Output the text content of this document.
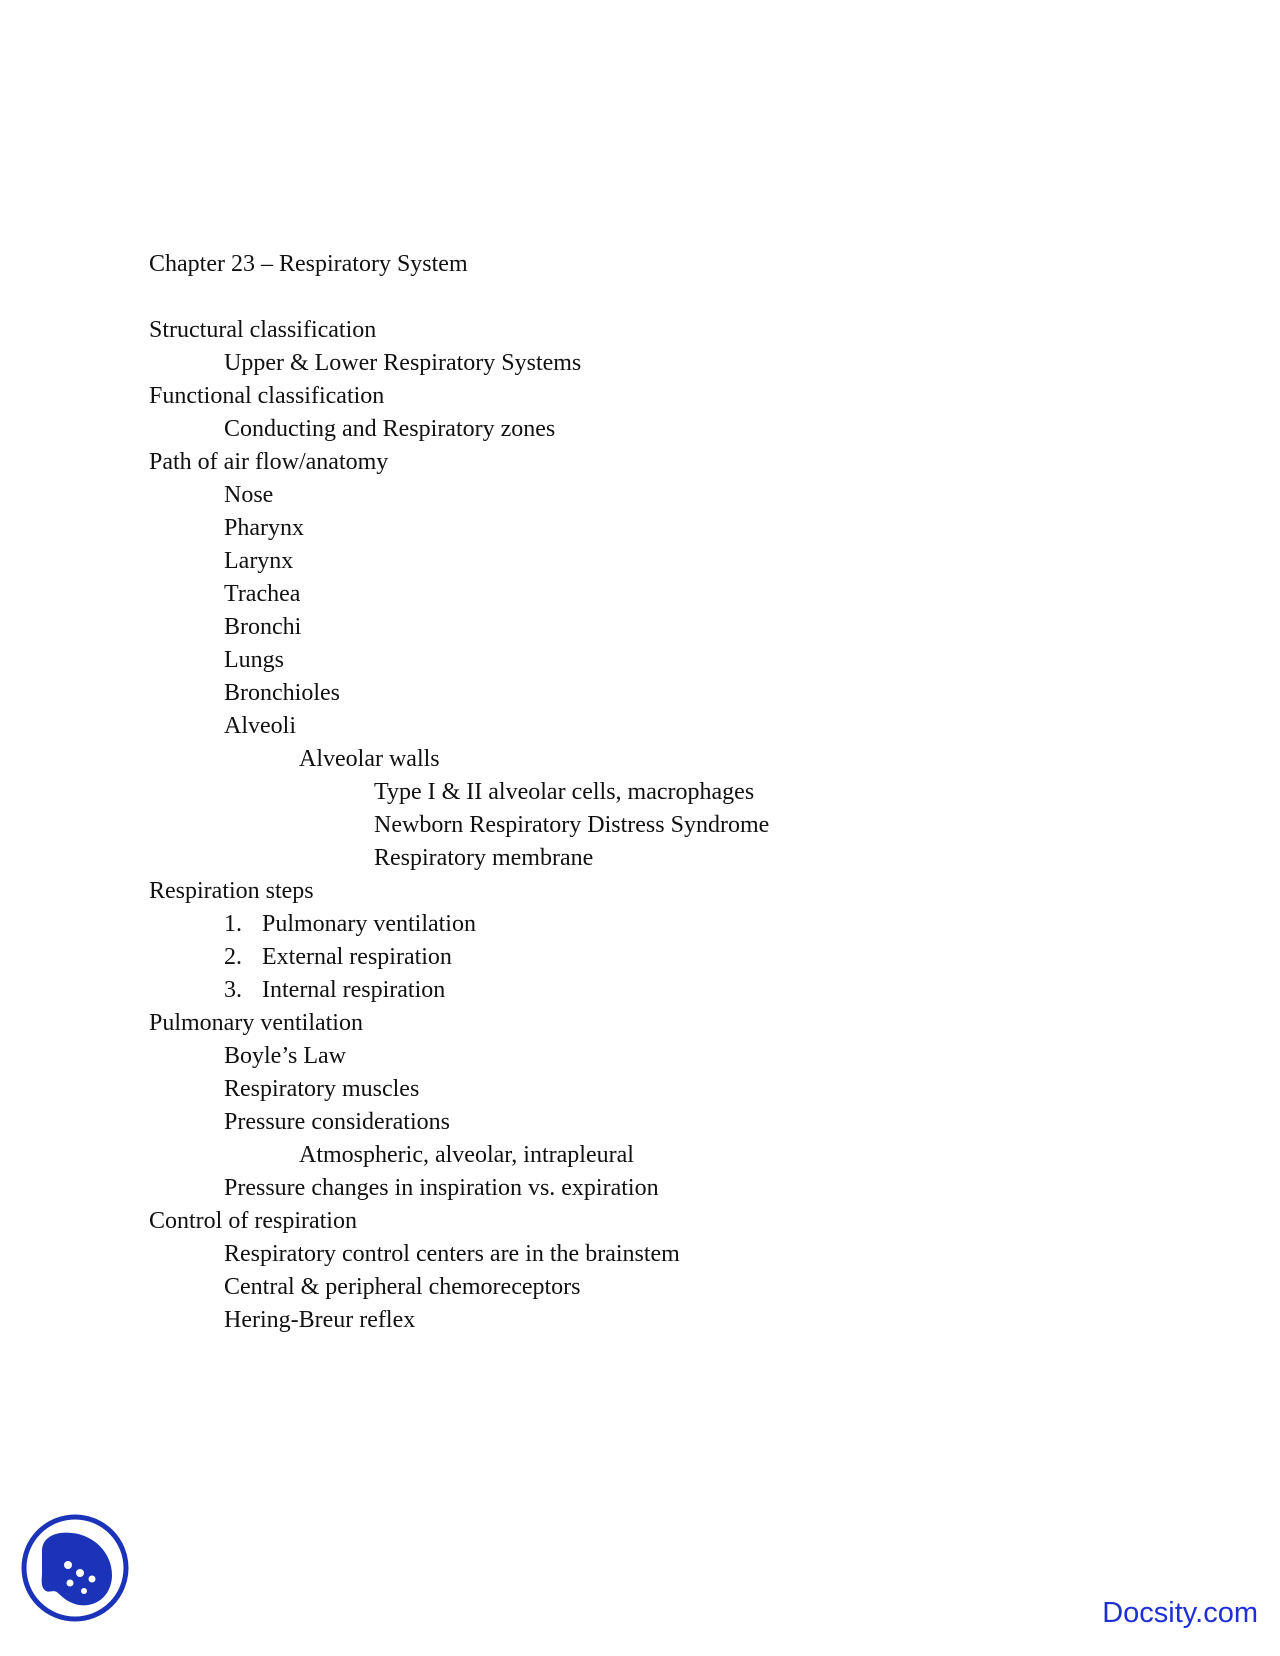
Chapter 23 – Respiratory System
Structural classification
Upper & Lower Respiratory Systems
Functional classification
Conducting and Respiratory zones
Path of air flow/anatomy
Nose
Pharynx
Larynx
Trachea
Bronchi
Lungs
Bronchioles
Alveoli
Alveolar walls
Type I & II alveolar cells, macrophages
Newborn Respiratory Distress Syndrome
Respiratory membrane
Respiration steps
1. Pulmonary ventilation
2. External respiration
3. Internal respiration
Pulmonary ventilation
Boyle’s Law
Respiratory muscles
Pressure considerations
Atmospheric, alveolar, intrapleural
Pressure changes in inspiration vs. expiration
Control of respiration
Respiratory control centers are in the brainstem
Central & peripheral chemoreceptors
Hering-Breur reflex
Docsity.com
